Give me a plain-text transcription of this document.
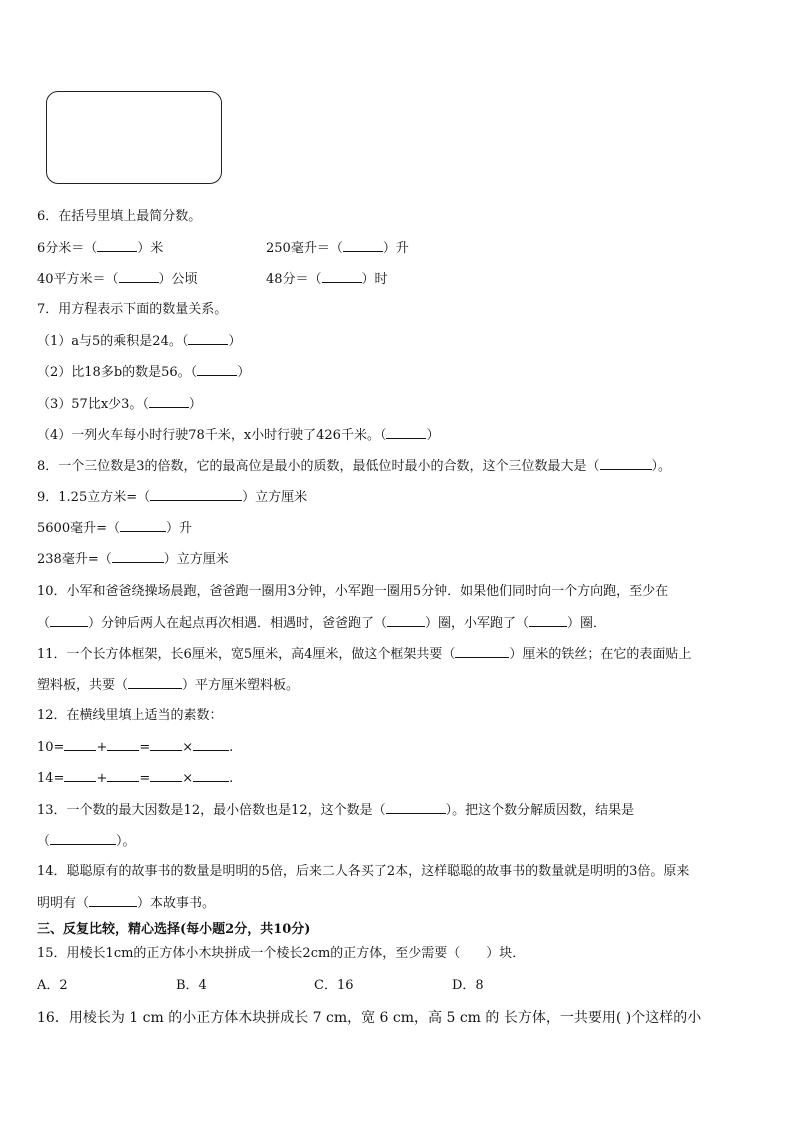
6．在括号里填上最简分数。
6分米＝（	）米	250毫升＝（	）升
40平方米＝（	）公顷	48分＝（	）时
7．用方程表示下面的数量关系。
（1）a与5的乘积是24。（	）
（2）比18多b的数是56。（	）
（3）57比x少3。（	）
（4）一列火车每小时行驶78千米，x小时行驶了426千米。（	）
8．一个三位数是3的倍数，它的最高位是最小的质数，最低位时最小的合数，这个三位数最大是（	）。
9．1.25立方米=（	）立方厘米
5600毫升=（	）升
238毫升=（	）立方厘米
10．小军和爸爸绕操场晨跑，爸爸跑一圈用3分钟，小军跑一圈用5分钟．如果他们同时向一个方向跑，至少在
（	）分钟后两人在起点再次相遇．相遇时，爸爸跑了（	）圈，小军跑了（	）圈．
11．一个长方体框架，长6厘米，宽5厘米，高4厘米，做这个框架共要（	）厘米的铁丝；在它的表面贴上
塑料板，共要（	）平方厘米塑料板。
12．在横线里填上适当的素数：
10= + = ×	.
14= + = ×	.
13．一个数的最大因数是12，最小倍数也是12，这个数是（	）。把这个数分解质因数，结果是
（	）。
14．聪聪原有的故事书的数量是明明的5倍，后来二人各买了2本，这样聪聪的故事书的数量就是明明的3倍。原来
明明有（	）本故事书。
三、反复比较，精心选择(每小题2分，共10分)
15．用棱长1cm的正方体小木块拼成一个棱长2cm的正方体，至少需要（　　）块．
A．2	B．4	C．16	D．8
16．用棱长为 1 cm 的小正方体木块拼成长 7 cm，宽 6 cm，高 5 cm 的 长方体，一共要用( )个这样的小
